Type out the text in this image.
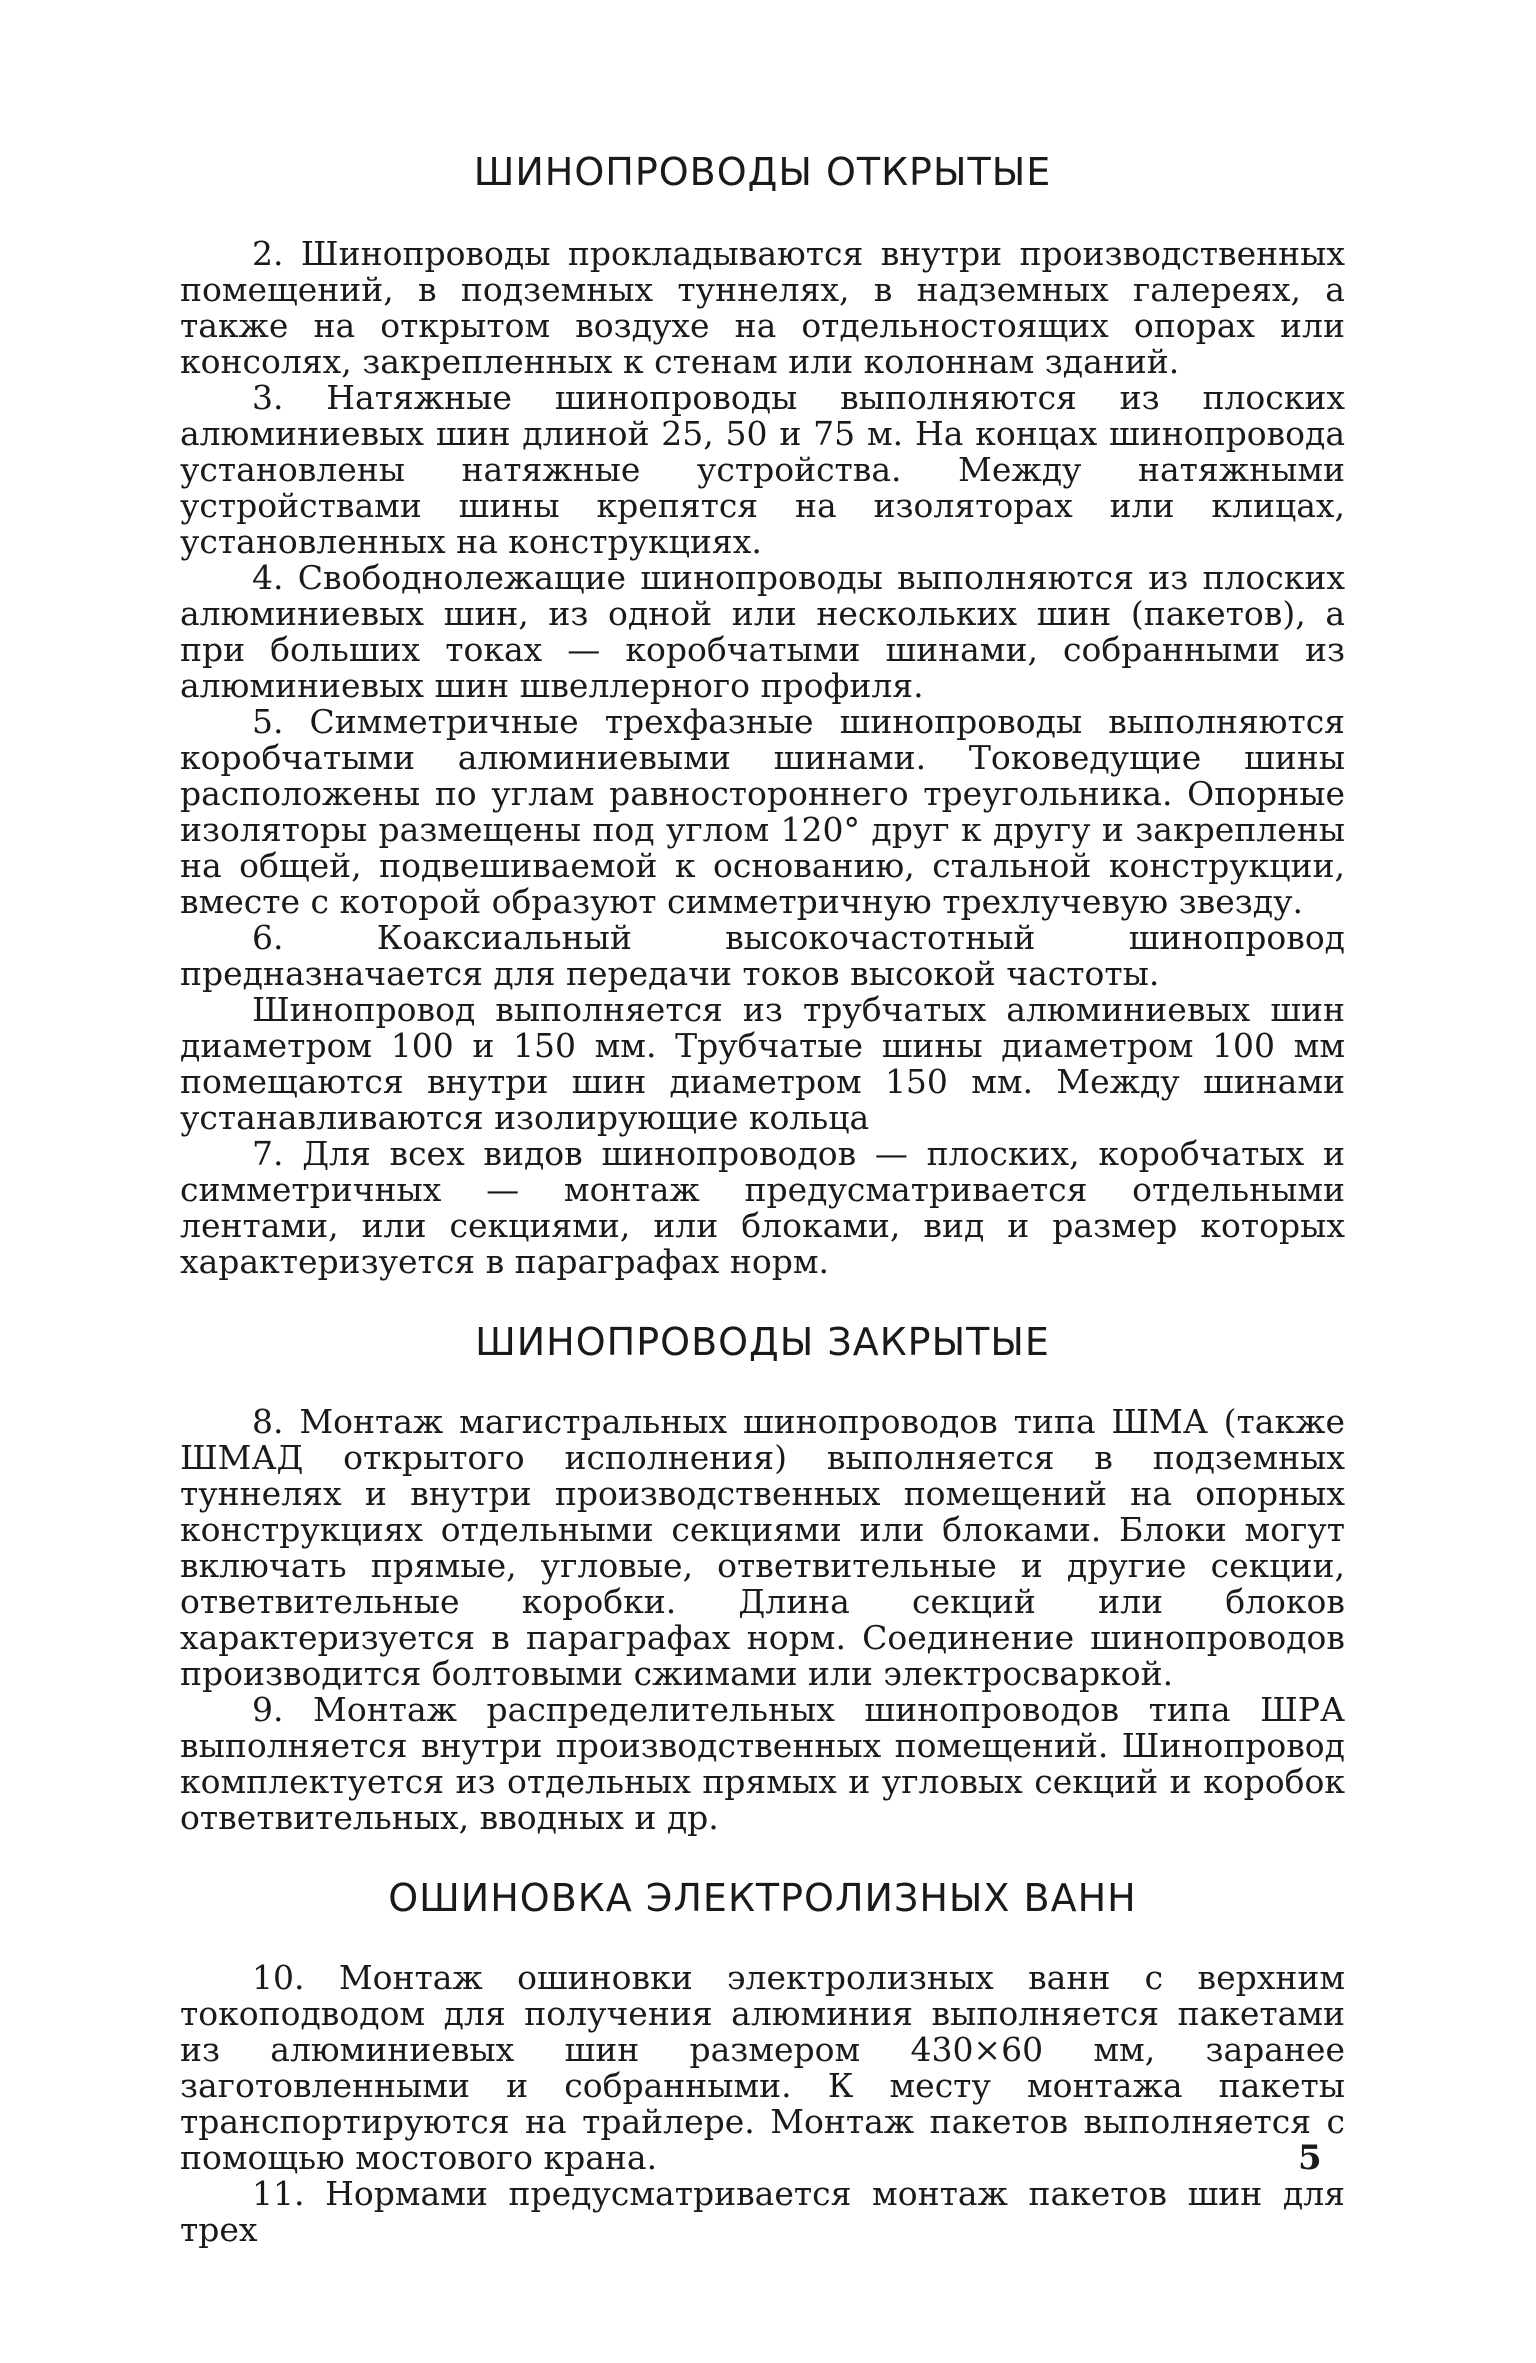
ШИНОПРОВОДЫ ОТКРЫТЫЕ

2. Шинопроводы прокладываются внутри производственных помещений, в подземных туннелях, в надземных галереях, а также на открытом воздухе на отдельностоящих опорах или консолях, закрепленных к стенам или колоннам зданий.

3. Натяжные шинопроводы выполняются из плоских алюминиевых шин длиной 25, 50 и 75 м. На концах шинопровода установлены натяжные устройства. Между натяжными устройствами шины крепятся на изоляторах или клицах, установленных на конструкциях.

4. Свободнолежащие шинопроводы выполняются из плоских алюминиевых шин, из одной или нескольких шин (пакетов), а при больших токах — коробчатыми шинами, собранными из алюминиевых шин швеллерного профиля.

5. Симметричные трехфазные шинопроводы выполняются коробчатыми алюминиевыми шинами. Токоведущие шины расположены по углам равностороннего треугольника. Опорные изоляторы размещены под углом 120° друг к другу и закреплены на общей, подвешиваемой к основанию, стальной конструкции, вместе с которой образуют симметричную трехлучевую звезду.

6. Коаксиальный высокочастотный шинопровод предназначается для передачи токов высокой частоты.

Шинопровод выполняется из трубчатых алюминиевых шин диаметром 100 и 150 мм. Трубчатые шины диаметром 100 мм помещаются внутри шин диаметром 150 мм. Между шинами устанавливаются изолирующие кольца

7. Для всех видов шинопроводов — плоских, коробчатых и симметричных — монтаж предусматривается отдельными лентами, или секциями, или блоками, вид и размер которых характеризуется в параграфах норм.

ШИНОПРОВОДЫ ЗАКРЫТЫЕ

8. Монтаж магистральных шинопроводов типа ШМА (также ШМАД открытого исполнения) выполняется в подземных туннелях и внутри производственных помещений на опорных конструкциях отдельными секциями или блоками. Блоки могут включать прямые, угловые, ответвительные и другие секции, ответвительные коробки. Длина секций или блоков характеризуется в параграфах норм. Соединение шинопроводов производится болтовыми сжимами или электросваркой.

9. Монтаж распределительных шинопроводов типа ШРА выполняется внутри производственных помещений. Шинопровод комплектуется из отдельных прямых и угловых секций и коробок ответвительных, вводных и др.

ОШИНОВКА ЭЛЕКТРОЛИЗНЫХ ВАНН

10. Монтаж ошиновки электролизных ванн с верхним токоподводом для получения алюминия выполняется пакетами из алюминиевых шин размером 430×60 мм, заранее заготовленными и собранными. К месту монтажа пакеты транспортируются на трайлере. Монтаж пакетов выполняется с помощью мостового крана.

11. Нормами предусматривается монтаж пакетов шин для трех

5
